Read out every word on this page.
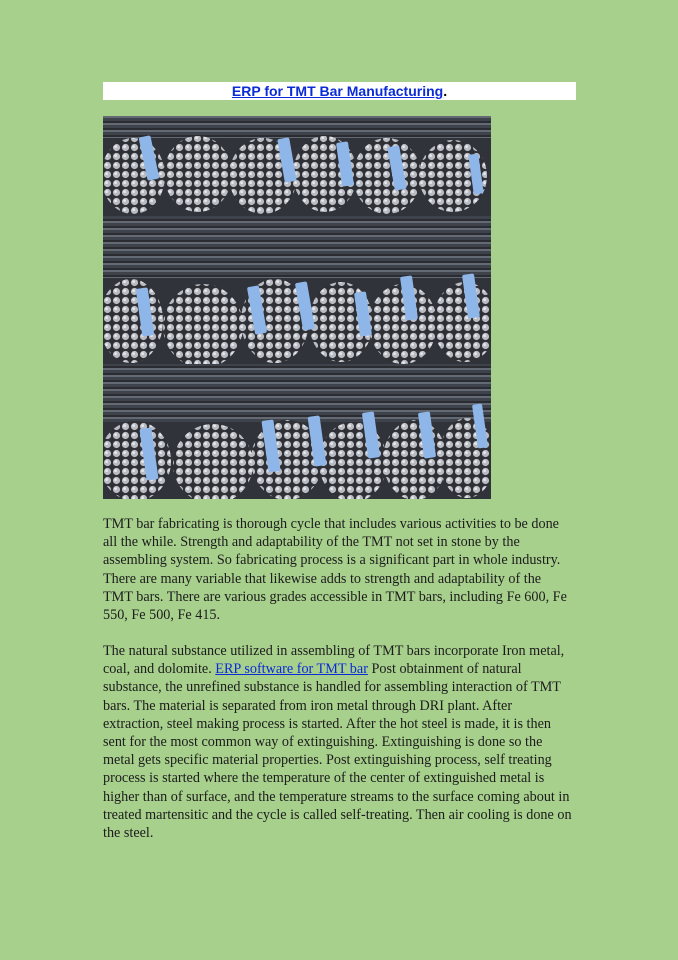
ERP for TMT Bar Manufacturing.
TMT bar fabricating is thorough cycle that includes various activities to be done all the while. Strength and adaptability of the TMT not set in stone by the assembling system. So fabricating process is a significant part in whole industry. There are many variable that likewise adds to strength and adaptability of the TMT bars. There are various grades accessible in TMT bars, including Fe 600, Fe 550, Fe 500, Fe 415.
The natural substance utilized in assembling of TMT bars incorporate Iron metal, coal, and dolomite. ERP software for TMT bar Post obtainment of natural substance, the unrefined substance is handled for assembling interaction of TMT bars. The material is separated from iron metal through DRI plant. After extraction, steel making process is started. After the hot steel is made, it is then sent for the most common way of extinguishing. Extinguishing is done so the metal gets specific material properties. Post extinguishing process, self treating process is started where the temperature of the center of extinguished metal is higher than of surface, and the temperature streams to the surface coming about in treated martensitic and the cycle is called self-treating. Then air cooling is done on the steel.
